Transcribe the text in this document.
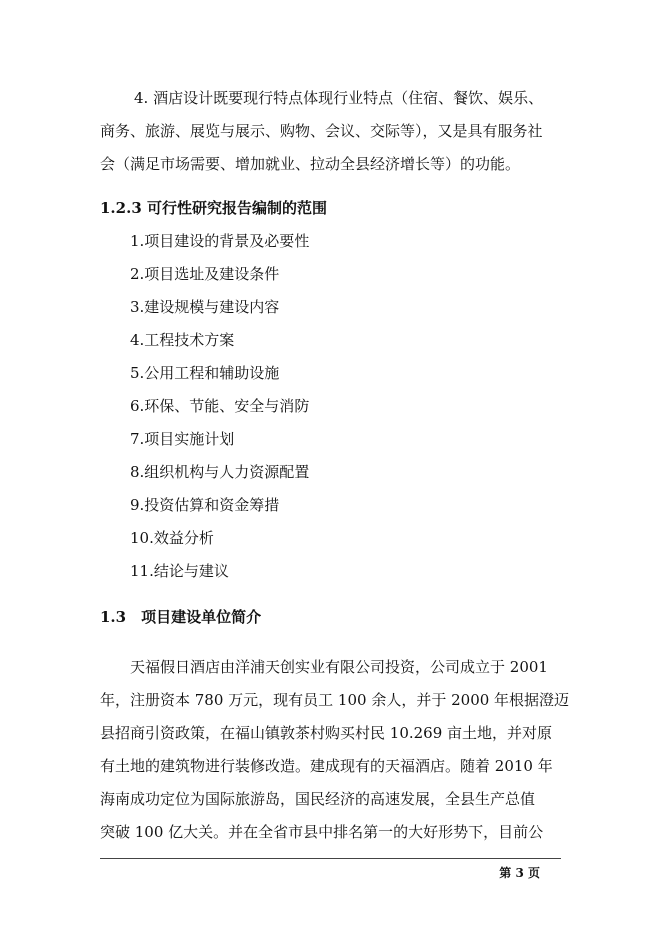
4. 酒店设计既要现行特点体现行业特点（住宿、餐饮、娱乐、
商务、旅游、展览与展示、购物、会议、交际等），又是具有服务社
会（满足市场需要、增加就业、拉动全县经济增长等）的功能。
1.2.3 可行性研究报告编制的范围
1.项目建设的背景及必要性
2.项目选址及建设条件
3.建设规模与建设内容
4.工程技术方案
5.公用工程和辅助设施
6.环保、节能、安全与消防
7.项目实施计划
8.组织机构与人力资源配置
9.投资估算和资金筹措
10.效益分析
11.结论与建议
1.3　项目建设单位简介
天福假日酒店由洋浦天创实业有限公司投资，公司成立于 2001
年，注册资本 780 万元，现有员工 100 余人，并于 2000 年根据澄迈
县招商引资政策，在福山镇敦茶村购买村民 10.269 亩土地，并对原
有土地的建筑物进行装修改造。建成现有的天福酒店。随着 2010 年
海南成功定位为国际旅游岛，国民经济的高速发展，全县生产总值
突破 100 亿大关。并在全省市县中排名第一的大好形势下，目前公
第 3 页
